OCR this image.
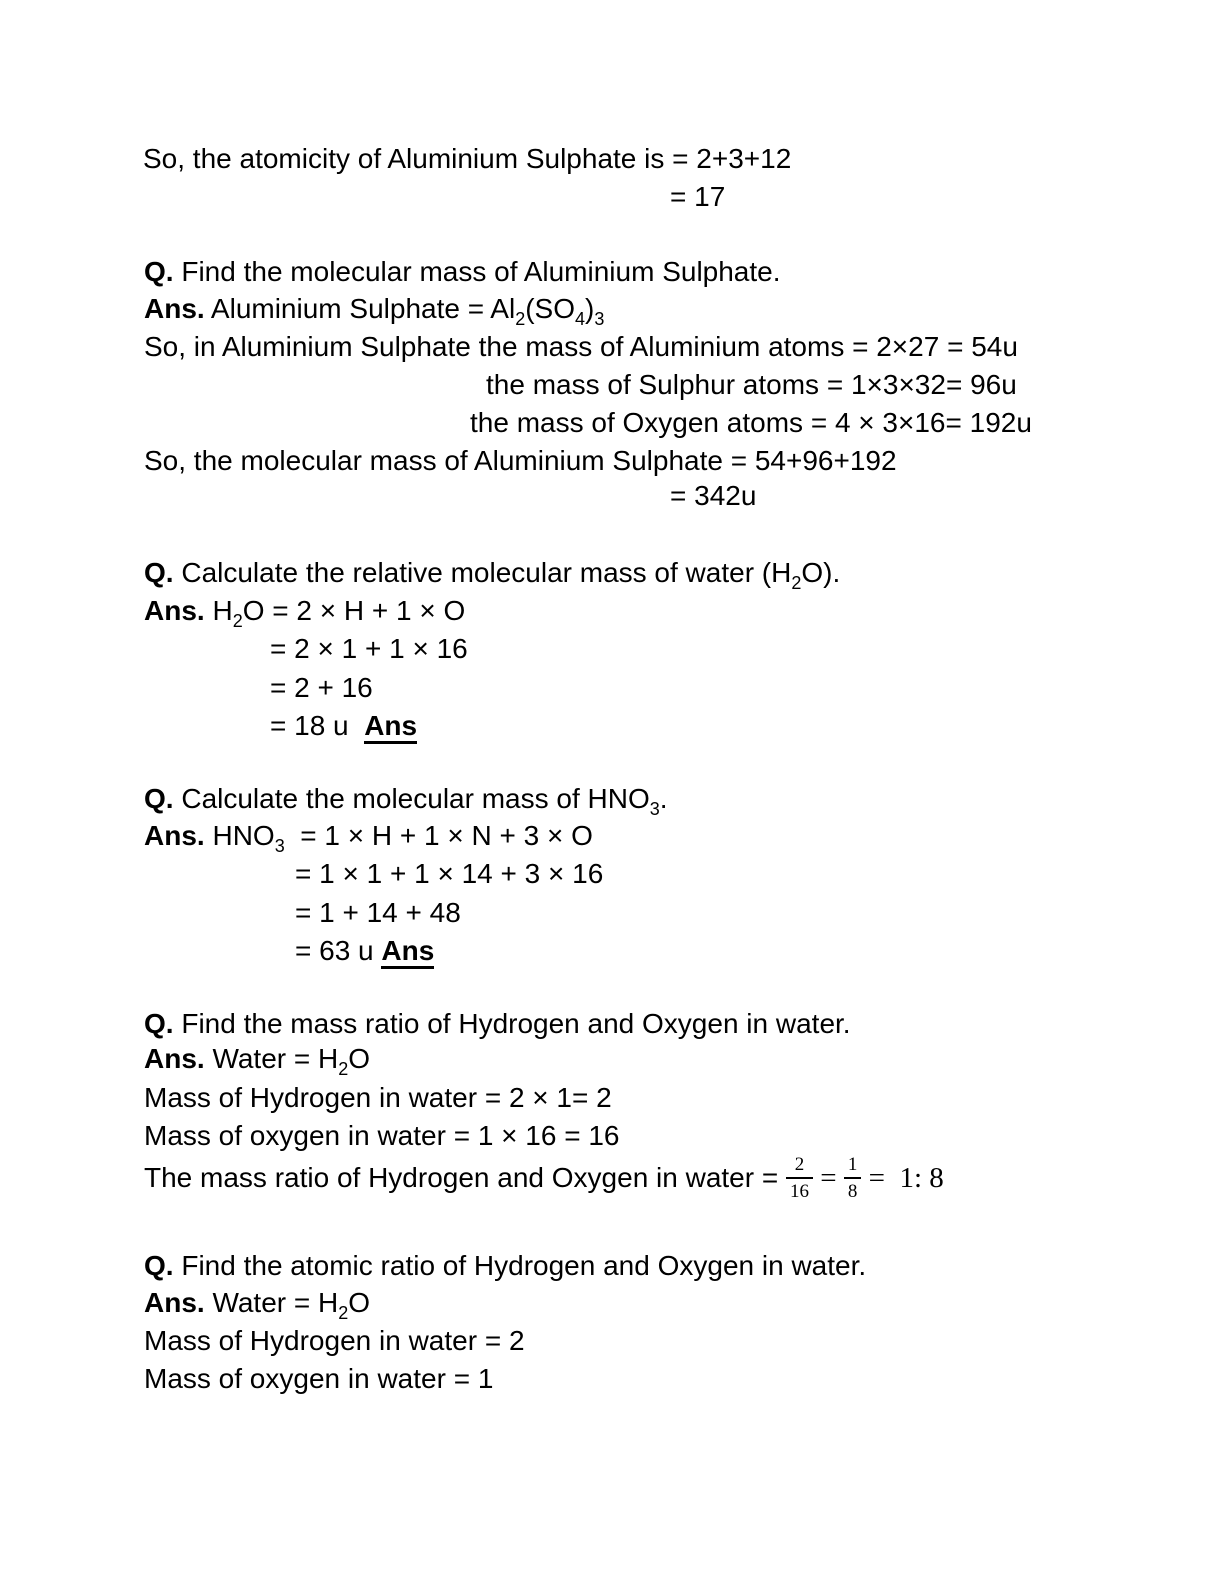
So, the atomicity of Aluminium Sulphate is = 2+3+12
= 17
Q. Find the molecular mass of Aluminium Sulphate.
Ans. Aluminium Sulphate = $Al_2(SO_4)_3$
So, in Aluminium Sulphate the mass of Aluminium atoms = 2×27 = 54u
the mass of Sulphur atoms = 1×3×32= 96u
the mass of Oxygen atoms = 4 × 3×16= 192u
So, the molecular mass of Aluminium Sulphate = 54+96+192
= 342u
Q. Calculate the relative molecular mass of water $(H_2O)$.
Ans. $H_2O = 2 \times H + 1 \times O$
= 2 × 1 + 1 × 16
= 2 + 16
= 18 u  Ans
Q. Calculate the molecular mass of $HNO_3$.
Ans. $HNO_3 = 1 \times H + 1 \times N + 3 \times O$
= 1 × 1 + 1 × 14 + 3 × 16
= 1 + 14 + 48
= 63 u Ans
Q. Find the mass ratio of Hydrogen and Oxygen in water.
Ans. Water = $H_2O$
Mass of Hydrogen in water = 2 × 1= 2
Mass of oxygen in water = 1 × 16 = 16
The mass ratio of Hydrogen and Oxygen in water = $\frac{2}{16} = \frac{1}{8} = 1$: 8
Q. Find the atomic ratio of Hydrogen and Oxygen in water.
Ans. Water = $H_2O$
Mass of Hydrogen in water = 2
Mass of oxygen in water = 1
